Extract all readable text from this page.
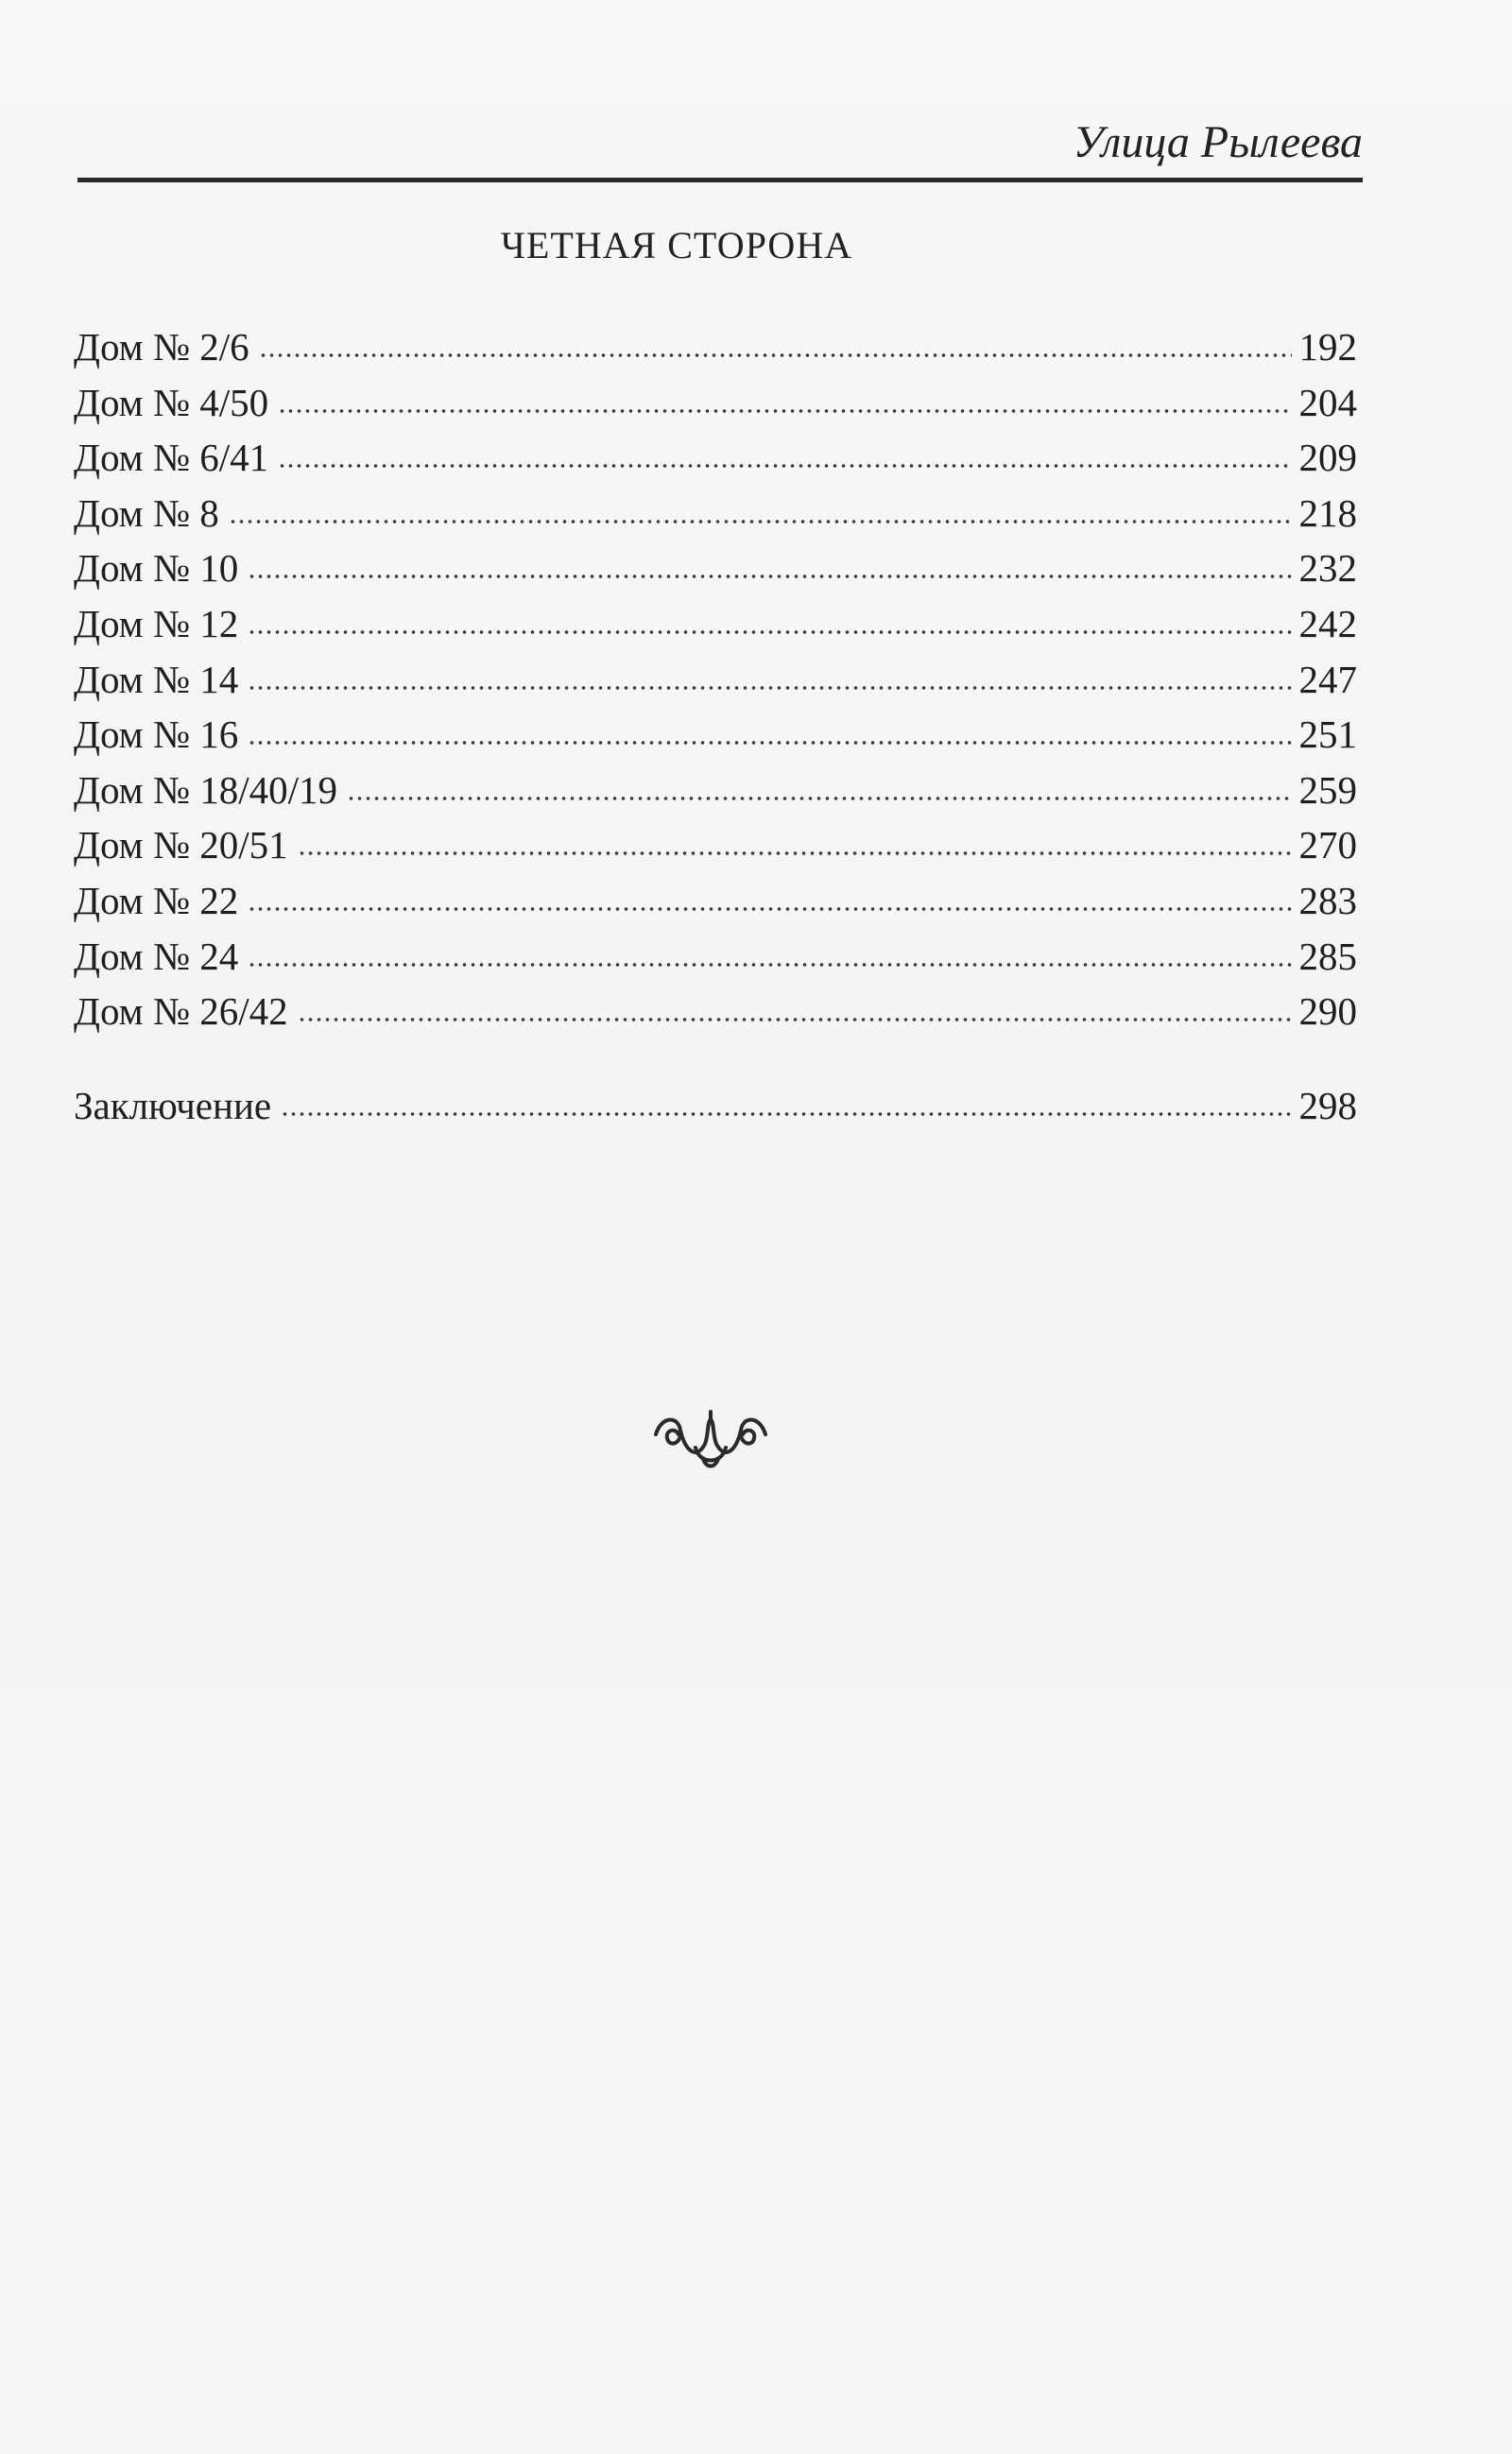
Улица Рылеева
ЧЕТНАЯ СТОРОНА
Дом № 2/6	192
Дом № 4/50	204
Дом № 6/41	209
Дом № 8	218
Дом № 10	232
Дом № 12	242
Дом № 14	247
Дом № 16	251
Дом № 18/40/19	259
Дом № 20/51	270
Дом № 22	283
Дом № 24	285
Дом № 26/42	290
Заключение	298
